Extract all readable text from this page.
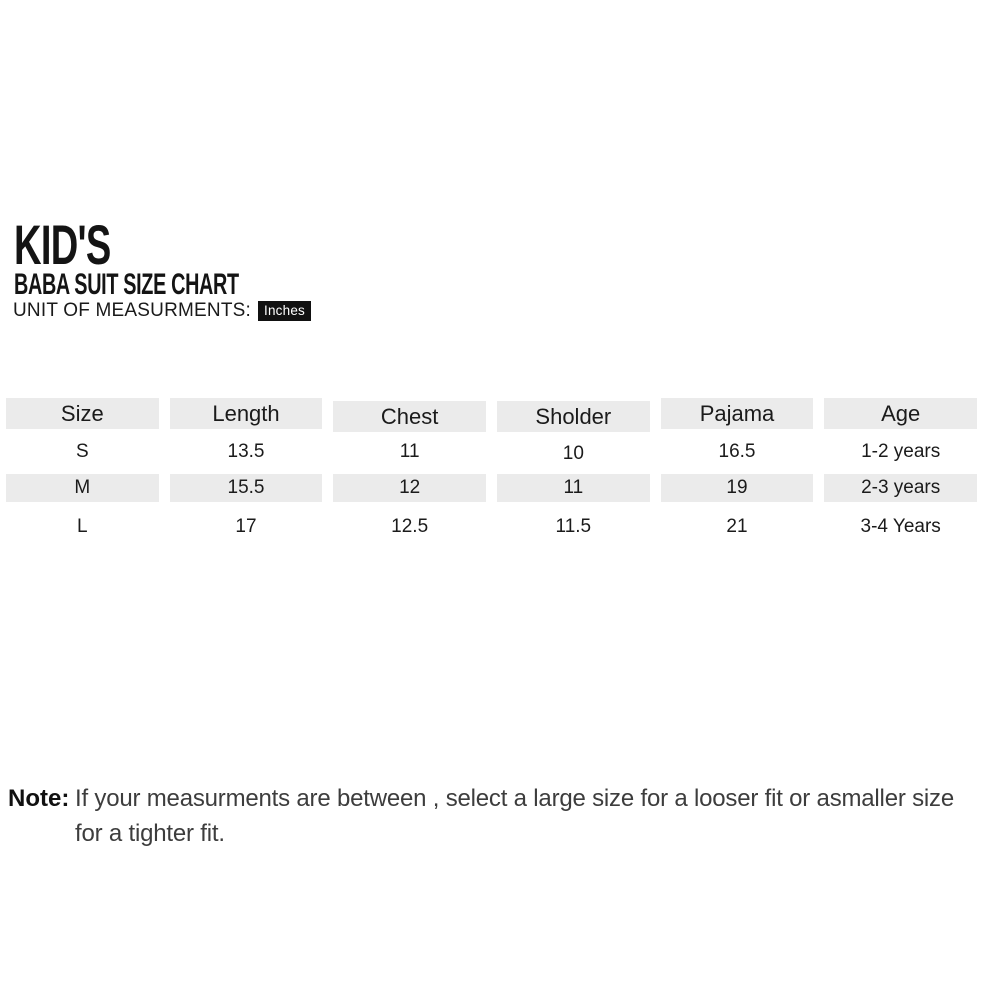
KID'S
BABA SUIT SIZE CHART
UNIT OF MEASURMENTS: Inches
Size	Length	Chest	Sholder	Pajama	Age
S	13.5	11	10	16.5	1-2 years
M	15.5	12	11	19	2-3 years
L	17	12.5	11.5	21	3-4 Years
Note: If your measurments are between , select a large size for a looser fit or asmaller size
for a tighter fit.
